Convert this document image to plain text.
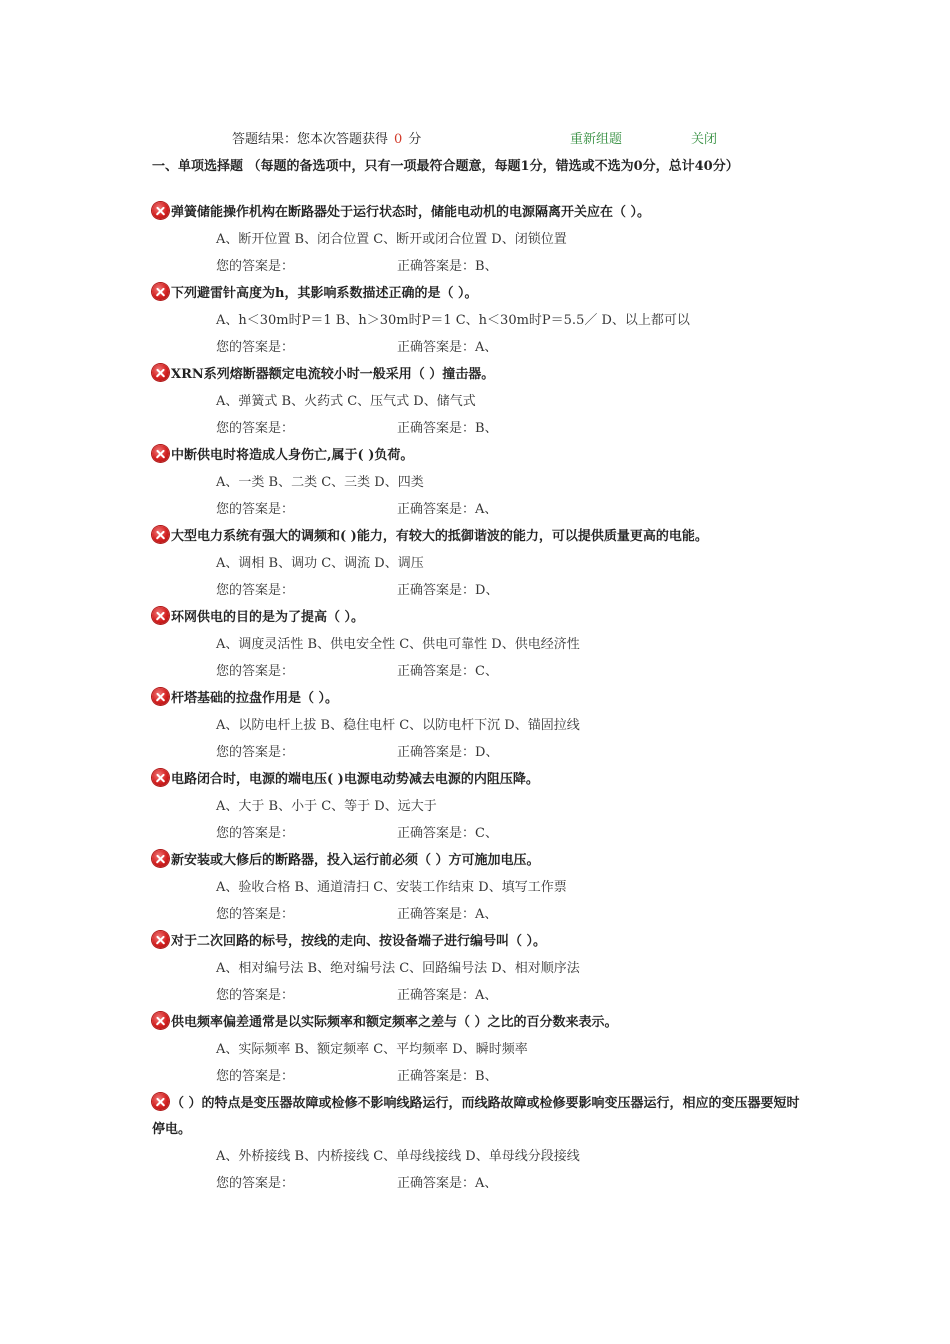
答题结果：您本次答题获得 0 分	重新组题	关闭
一、单项选择题 （每题的备选项中，只有一项最符合题意，每题1分，错选或不选为0分，总计40分）
弹簧储能操作机构在断路器处于运行状态时，储能电动机的电源隔离开关应在（ ）。
A、断开位置 B、闭合位置 C、断开或闭合位置 D、闭锁位置
您的答案是：	正确答案是：B、
下列避雷针高度为h，其影响系数描述正确的是（ ）。
A、h＜30m时P＝1 B、h＞30m时P＝1 C、h＜30m时P＝5.5／ D、以上都可以
您的答案是：	正确答案是：A、
XRN系列熔断器额定电流较小时一般采用（ ）撞击器。
A、弹簧式 B、火药式 C、压气式 D、储气式
您的答案是：	正确答案是：B、
中断供电时将造成人身伤亡,属于( )负荷。
A、一类 B、二类 C、三类 D、四类
您的答案是：	正确答案是：A、
大型电力系统有强大的调频和( )能力，有较大的抵御谐波的能力，可以提供质量更高的电能。
A、调相 B、调功 C、调流 D、调压
您的答案是：	正确答案是：D、
环网供电的目的是为了提高（ ）。
A、调度灵活性 B、供电安全性 C、供电可靠性 D、供电经济性
您的答案是：	正确答案是：C、
杆塔基础的拉盘作用是（ ）。
A、以防电杆上拔 B、稳住电杆 C、以防电杆下沉 D、锚固拉线
您的答案是：	正确答案是：D、
电路闭合时，电源的端电压( )电源电动势减去电源的内阻压降。
A、大于 B、小于 C、等于 D、远大于
您的答案是：	正确答案是：C、
新安装或大修后的断路器，投入运行前必须（ ）方可施加电压。
A、验收合格 B、通道清扫 C、安装工作结束 D、填写工作票
您的答案是：	正确答案是：A、
对于二次回路的标号，按线的走向、按设备端子进行编号叫（ ）。
A、相对编号法 B、绝对编号法 C、回路编号法 D、相对顺序法
您的答案是：	正确答案是：A、
供电频率偏差通常是以实际频率和额定频率之差与（ ）之比的百分数来表示。
A、实际频率 B、额定频率 C、平均频率 D、瞬时频率
您的答案是：	正确答案是：B、
（ ）的特点是变压器故障或检修不影响线路运行，而线路故障或检修要影响变压器运行，相应的变压器要短时停电。
A、外桥接线 B、内桥接线 C、单母线接线 D、单母线分段接线
您的答案是：	正确答案是：A、
